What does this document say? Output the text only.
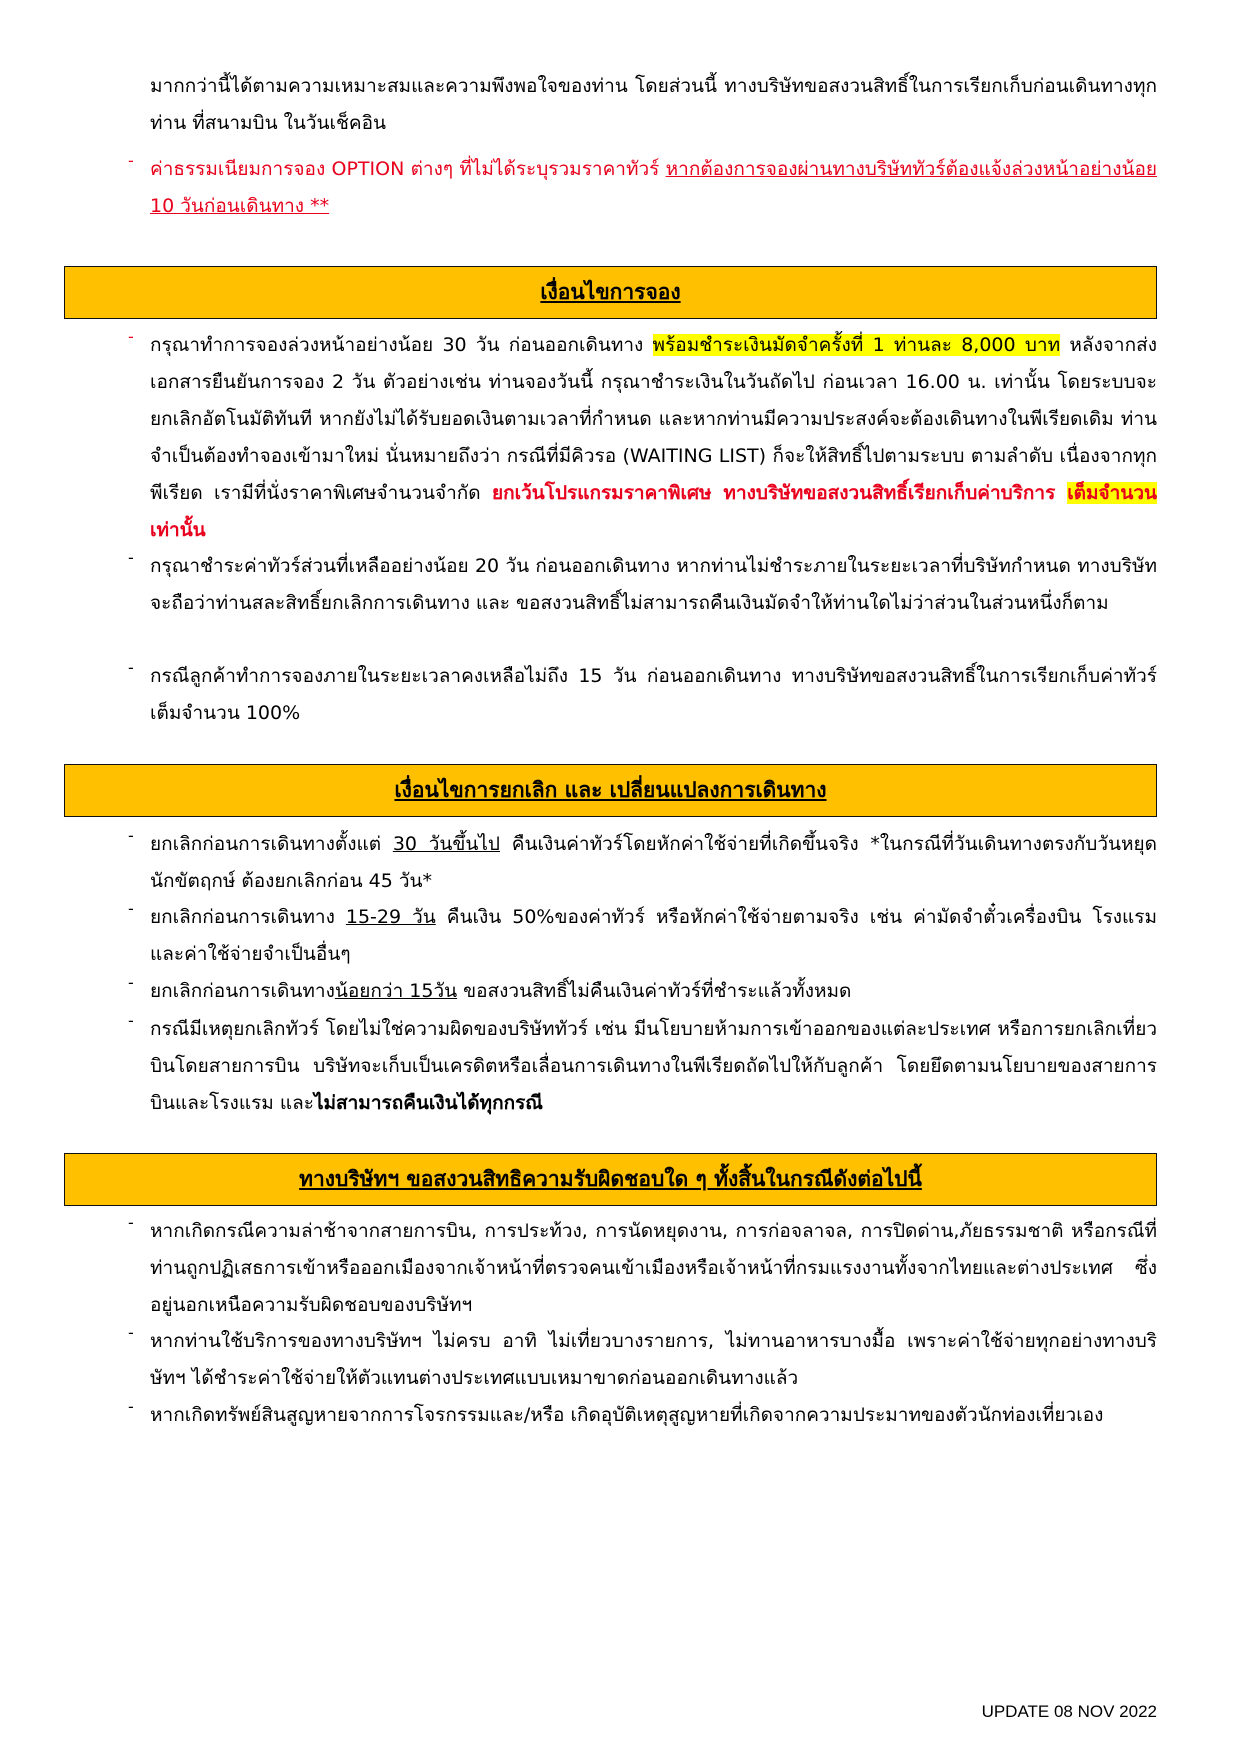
มากกว่านี้ได้ตามความเหมาะสมและความพึงพอใจของท่าน โดยส่วนนี้ ทางบริษัทขอสงวนสิทธิ์ในการเรียกเก็บก่อนเดินทางทุกท่าน ที่สนามบิน ในวันเช็คอิน

- ค่าธรรมเนียมการจอง OPTION ต่างๆ ที่ไม่ได้ระบุรวมราคาทัวร์ หากต้องการจองผ่านทางบริษัททัวร์ต้องแจ้งล่วงหน้าอย่างน้อย 10 วันก่อนเดินทาง **

เงื่อนไขการจอง
- กรุณาทำการจองล่วงหน้าอย่างน้อย 30 วัน ก่อนออกเดินทาง พร้อมชำระเงินมัดจำครั้งที่ 1 ท่านละ 8,000 บาท หลังจากส่งเอกสารยืนยันการจอง 2 วัน ตัวอย่างเช่น ท่านจองวันนี้ กรุณาชำระเงินในวันถัดไป ก่อนเวลา 16.00 น. เท่านั้น โดยระบบจะยกเลิกอัตโนมัติทันที หากยังไม่ได้รับยอดเงินตามเวลาที่กำหนด และหากท่านมีความประสงค์จะต้องเดินทางในพีเรียดเดิม ท่านจำเป็นต้องทำจองเข้ามาใหม่ นั่นหมายถึงว่า กรณีที่มีคิวรอ (WAITING LIST) ก็จะให้สิทธิ์ไปตามระบบ ตามลำดับ เนื่องจากทุกพีเรียด เรามีที่นั่งราคาพิเศษจำนวนจำกัด ยกเว้นโปรแกรมราคาพิเศษ ทางบริษัทขอสงวนสิทธิ์เรียกเก็บค่าบริการ เต็มจำนวน เท่านั้น

- กรุณาชำระค่าทัวร์ส่วนที่เหลืออย่างน้อย 20 วัน ก่อนออกเดินทาง หากท่านไม่ชำระภายในระยะเวลาที่บริษัทกำหนด ทางบริษัทจะถือว่าท่านสละสิทธิ์ยกเลิกการเดินทาง และ ขอสงวนสิทธิ์ไม่สามารถคืนเงินมัดจำให้ท่านใดไม่ว่าส่วนในส่วนหนึ่งก็ตาม

- กรณีลูกค้าทำการจองภายในระยะเวลาคงเหลือไม่ถึง 15 วัน ก่อนออกเดินทาง ทางบริษัทขอสงวนสิทธิ์ในการเรียกเก็บค่าทัวร์เต็มจำนวน 100%

เงื่อนไขการยกเลิก และ เปลี่ยนแปลงการเดินทาง
- ยกเลิกก่อนการเดินทางตั้งแต่ 30 วันขึ้นไป คืนเงินค่าทัวร์โดยหักค่าใช้จ่ายที่เกิดขึ้นจริง *ในกรณีที่วันเดินทางตรงกับวันหยุดนักขัตฤกษ์ ต้องยกเลิกก่อน 45 วัน*

- ยกเลิกก่อนการเดินทาง 15-29 วัน คืนเงิน 50%ของค่าทัวร์ หรือหักค่าใช้จ่ายตามจริง เช่น ค่ามัดจำตั๋วเครื่องบิน โรงแรม และค่าใช้จ่ายจำเป็นอื่นๆ

- ยกเลิกก่อนการเดินทางน้อยกว่า 15วัน ขอสงวนสิทธิ์ไม่คืนเงินค่าทัวร์ที่ชำระแล้วทั้งหมด

- กรณีมีเหตุยกเลิกทัวร์ โดยไม่ใช่ความผิดของบริษัททัวร์ เช่น มีนโยบายห้ามการเข้าออกของแต่ละประเทศ หรือการยกเลิกเที่ยวบินโดยสายการบิน บริษัทจะเก็บเป็นเครดิตหรือเลื่อนการเดินทางในพีเรียดถัดไปให้กับลูกค้า โดยยึดตามนโยบายของสายการบินและโรงแรม และไม่สามารถคืนเงินได้ทุกกรณี

ทางบริษัทฯ ขอสงวนสิทธิความรับผิดชอบใด ๆ ทั้งสิ้นในกรณีดังต่อไปนี้
- หากเกิดกรณีความล่าช้าจากสายการบิน, การประท้วง, การนัดหยุดงาน, การก่อจลาจล, การปิดด่าน,ภัยธรรมชาติ หรือกรณีที่ท่านถูกปฏิเสธการเข้าหรือออกเมืองจากเจ้าหน้าที่ตรวจคนเข้าเมืองหรือเจ้าหน้าที่กรมแรงงานทั้งจากไทยและต่างประเทศ ซึ่งอยู่นอกเหนือความรับผิดชอบของบริษัทฯ

- หากท่านใช้บริการของทางบริษัทฯ ไม่ครบ อาทิ ไม่เที่ยวบางรายการ, ไม่ทานอาหารบางมื้อ เพราะค่าใช้จ่ายทุกอย่างทางบริษัทฯ ได้ชำระค่าใช้จ่ายให้ตัวแทนต่างประเทศแบบเหมาขาดก่อนออกเดินทางแล้ว

- หากเกิดทรัพย์สินสูญหายจากการโจรกรรมและ/หรือ เกิดอุบัติเหตุสูญหายที่เกิดจากความประมาทของตัวนักท่องเที่ยวเอง

UPDATE 08 NOV 2022
